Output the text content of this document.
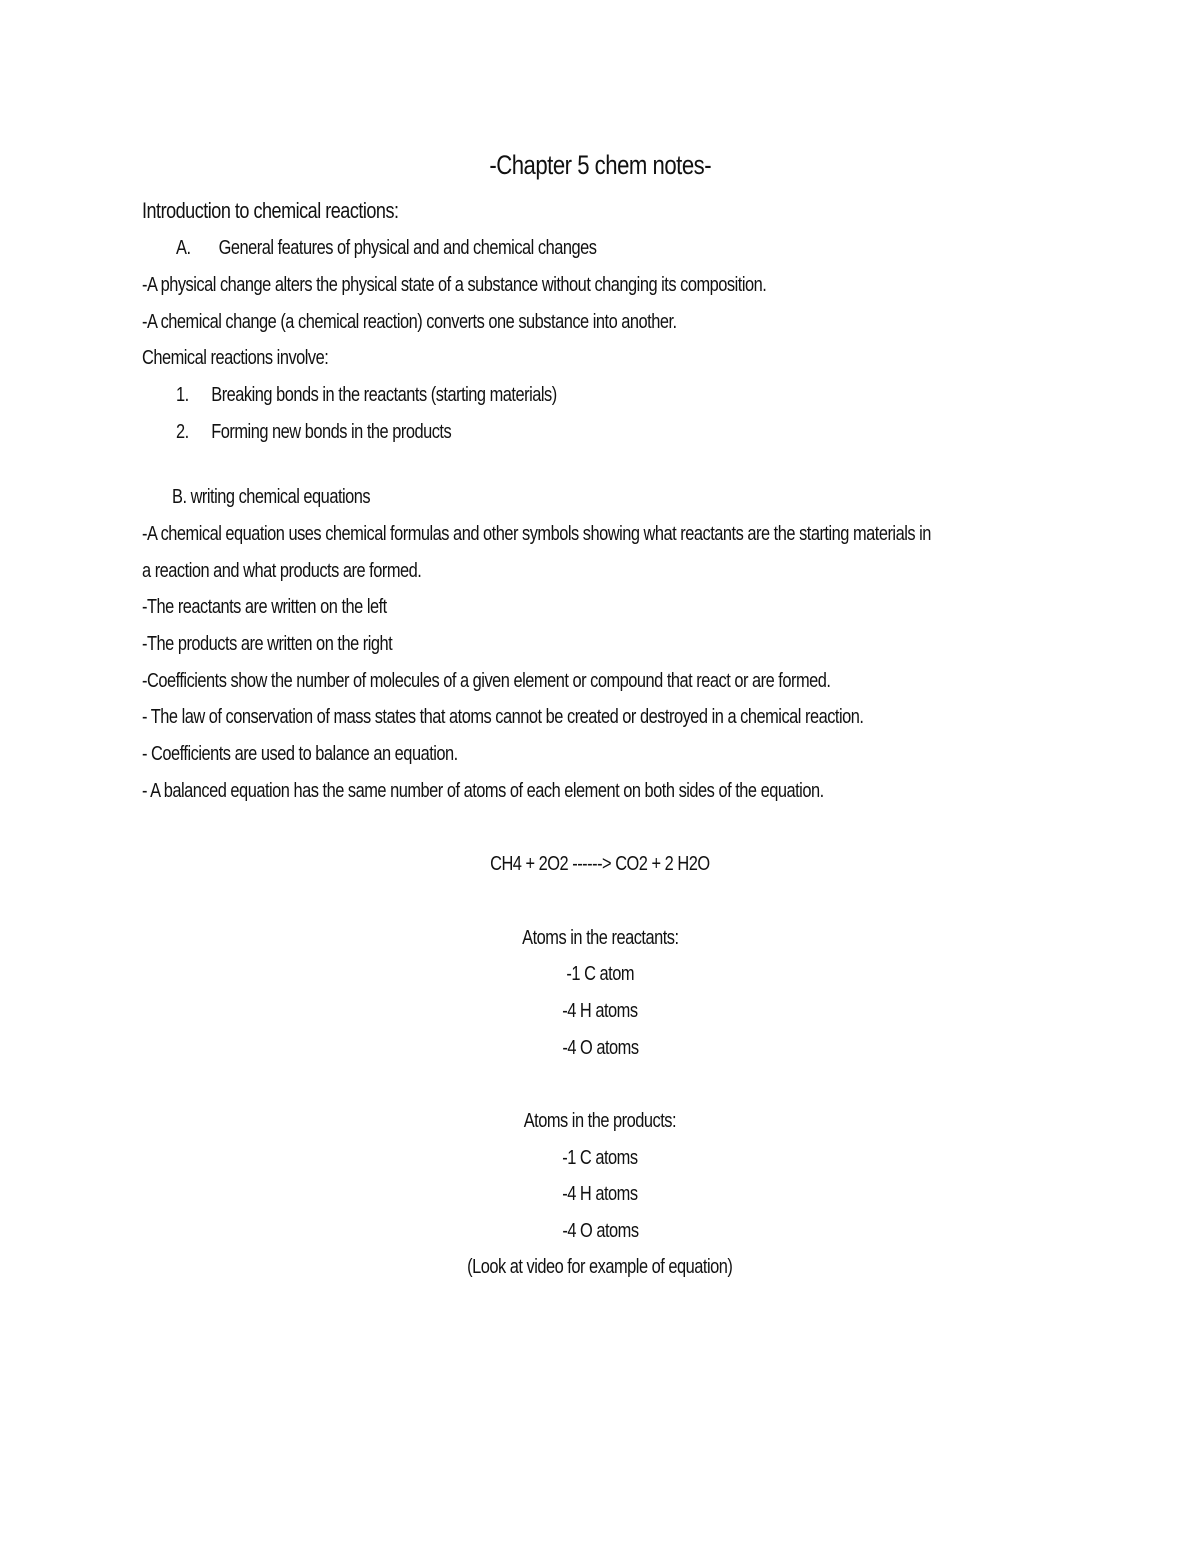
-Chapter 5 chem notes-
Introduction to chemical reactions:
A. General features of physical and and chemical changes
-A physical change alters the physical state of a substance without changing its composition.
-A chemical change (a chemical reaction) converts one substance into another.
Chemical reactions involve:
1. Breaking bonds in the reactants (starting materials)
2. Forming new bonds in the products
B. writing chemical equations
-A chemical equation uses chemical formulas and other symbols showing what reactants are the starting materials in
a reaction and what products are formed.
-The reactants are written on the left
-The products are written on the right
-Coefficients show the number of molecules of a given element or compound that react or are formed.
- The law of conservation of mass states that atoms cannot be created or destroyed in a chemical reaction.
- Coefficients are used to balance an equation.
- A balanced equation has the same number of atoms of each element on both sides of the equation.
CH4 + 2O2 ------> CO2 + 2 H2O
Atoms in the reactants:
-1 C atom
-4 H atoms
-4 O atoms
Atoms in the products:
-1 C atoms
-4 H atoms
-4 O atoms
(Look at video for example of equation)
